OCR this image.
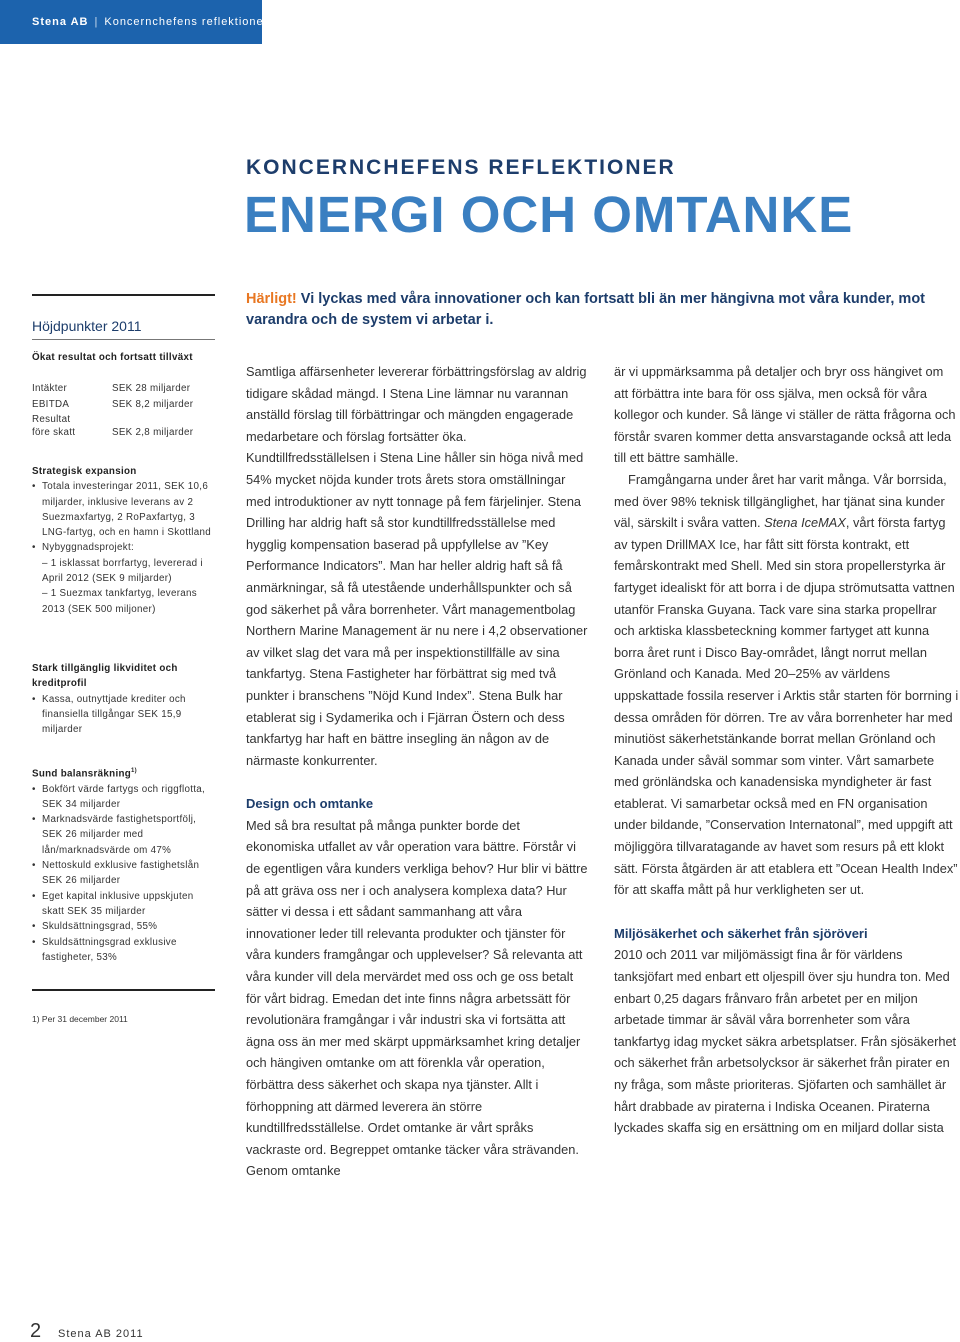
Stena AB | Koncernchefens reflektioner
KONCERNCHEFENS REFLEKTIONER
ENERGI OCH OMTANKE
Härligt! Vi lyckas med våra innovationer och kan fortsatt bli än mer hängivna mot våra kunder, mot varandra och de system vi arbetar i.
Höjdpunkter 2011
Ökat resultat och fortsatt tillväxt
Intäkter	SEK 28 miljarder
EBITDA	SEK 8,2 miljarder
Resultat
före skatt	SEK 2,8 miljarder
Strategisk expansion
• Totala investeringar 2011, SEK 10,6 miljarder, inklusive leverans av 2 Suezmaxfartyg, 2 RoPaxfartyg, 3 LNG-fartyg, och en hamn i Skottland
• Nybyggnadsprojekt:
– 1 isklassat borrfartyg, levererad i April 2012 (SEK 9 miljarder)
– 1 Suezmax tankfartyg, leverans 2013 (SEK 500 miljoner)
Stark tillgänglig likviditet och kreditprofil
• Kassa, outnyttjade krediter och finansiella tillgångar SEK 15,9 miljarder
Sund balansräkning$^{1)}$
• Bokfört värde fartygs och riggflotta, SEK 34 miljarder
• Marknadsvärde fastighetsportfölj, SEK 26 miljarder med lån/marknadsvärde om 47%
• Nettoskuld exklusive fastighetslån SEK 26 miljarder
• Eget kapital inklusive uppskjuten skatt SEK 35 miljarder
• Skuldsättningsgrad, 55%
• Skuldsättningsgrad exklusive fastigheter, 53%
1) Per 31 december 2011

Samtliga affärsenheter levererar förbättringsförslag av aldrig tidigare skådad mängd. I Stena Line lämnar nu varannan anställd förslag till förbättringar och mängden engagerade medarbetare och förslag fortsätter öka. Kundtillfredsställelsen i Stena Line håller sin höga nivå med 54% mycket nöjda kunder trots årets stora omställningar med introduktioner av nytt tonnage på fem färjelinjer. Stena Drilling har aldrig haft så stor kundtillfredsställelse med hygglig kompensation baserad på uppfyllelse av ”Key Performance Indicators”. Man har heller aldrig haft så få anmärkningar, så få utestående underhållspunkter och så god säkerhet på våra borrenheter. Vårt managementbolag Northern Marine Management är nu nere i 4,2 observationer av vilket slag det vara må per inspektionstillfälle av sina tankfartyg. Stena Fastigheter har förbättrat sig med två punkter i branschens ”Nöjd Kund Index”. Stena Bulk har etablerat sig i Sydamerika och i Fjärran Östern och dess tankfartyg har haft en bättre insegling än någon av de närmaste konkurrenter.

Design och omtanke

Med så bra resultat på många punkter borde det ekonomiska utfallet av vår operation vara bättre. Förstår vi de egentligen våra kunders verkliga behov? Hur blir vi bättre på att gräva oss ner i och analysera komplexa data? Hur sätter vi dessa i ett sådant sammanhang att våra innovationer leder till relevanta produkter och tjänster för våra kunders framgångar och upplevelser? Så relevanta att våra kunder vill dela mervärdet med oss och ge oss betalt för vårt bidrag. Emedan det inte finns några arbetssätt för revolutionära framgångar i vår industri ska vi fortsätta att ägna oss än mer med skärpt uppmärksamhet kring detaljer och hängiven omtanke om att förenkla vår operation, förbättra dess säkerhet och skapa nya tjänster. Allt i förhoppning att därmed leverera än större kundtillfredsställelse. Ordet omtanke är vårt språks vackraste ord. Begreppet omtanke täcker våra strävanden. Genom omtanke

är vi uppmärksamma på detaljer och bryr oss hängivet om att förbättra inte bara för oss själva, men också för våra kollegor och kunder. Så länge vi ställer de rätta frågorna och förstår svaren kommer detta ansvarstagande också att leda till ett bättre samhälle.

Framgångarna under året har varit många. Vår borrsida, med över 98% teknisk tillgänglighet, har tjänat sina kunder väl, särskilt i svåra vatten. Stena IceMAX, vårt första fartyg av typen DrillMAX Ice, har fått sitt första kontrakt, ett femårskontrakt med Shell. Med sin stora propellerstyrka är fartyget idealiskt för att borra i de djupa strömutsatta vattnen utanför Franska Guyana. Tack vare sina starka propellrar och arktiska klassbeteckning kommer fartyget att kunna borra året runt i Disco Bay-området, långt norrut mellan Grönland och Kanada. Med 20–25% av världens uppskattade fossila reserver i Arktis står starten för borrning i dessa områden för dörren. Tre av våra borrenheter har med minutiöst säkerhetstänkande borrat mellan Grönland och Kanada under såväl sommar som vinter. Vårt samarbete med grönländska och kanadensiska myndigheter är fast etablerat. Vi samarbetar också med en FN organisation under bildande, ”Conservation Internatonal”, med uppgift att möjliggöra tillvaratagande av havet som resurs på ett klokt sätt. Första åtgärden är att etablera ett ”Ocean Health Index” för att skaffa mått på hur verkligheten ser ut.

Miljösäkerhet och säkerhet från sjöröveri

2010 och 2011 var miljömässigt fina år för världens tanksjöfart med enbart ett oljespill över sju hundra ton. Med enbart 0,25 dagars frånvaro från arbetet per en miljon arbetade timmar är såväl våra borrenheter som våra tankfartyg idag mycket säkra arbetsplatser. Från sjösäkerhet och säkerhet från arbetsolycksor är säkerhet från pirater en ny fråga, som måste prioriteras. Sjöfarten och samhället är hårt drabbade av piraterna i Indiska Oceanen. Piraterna lyckades skaffa sig en ersättning om en miljard dollar sista

2 Stena AB 2011
